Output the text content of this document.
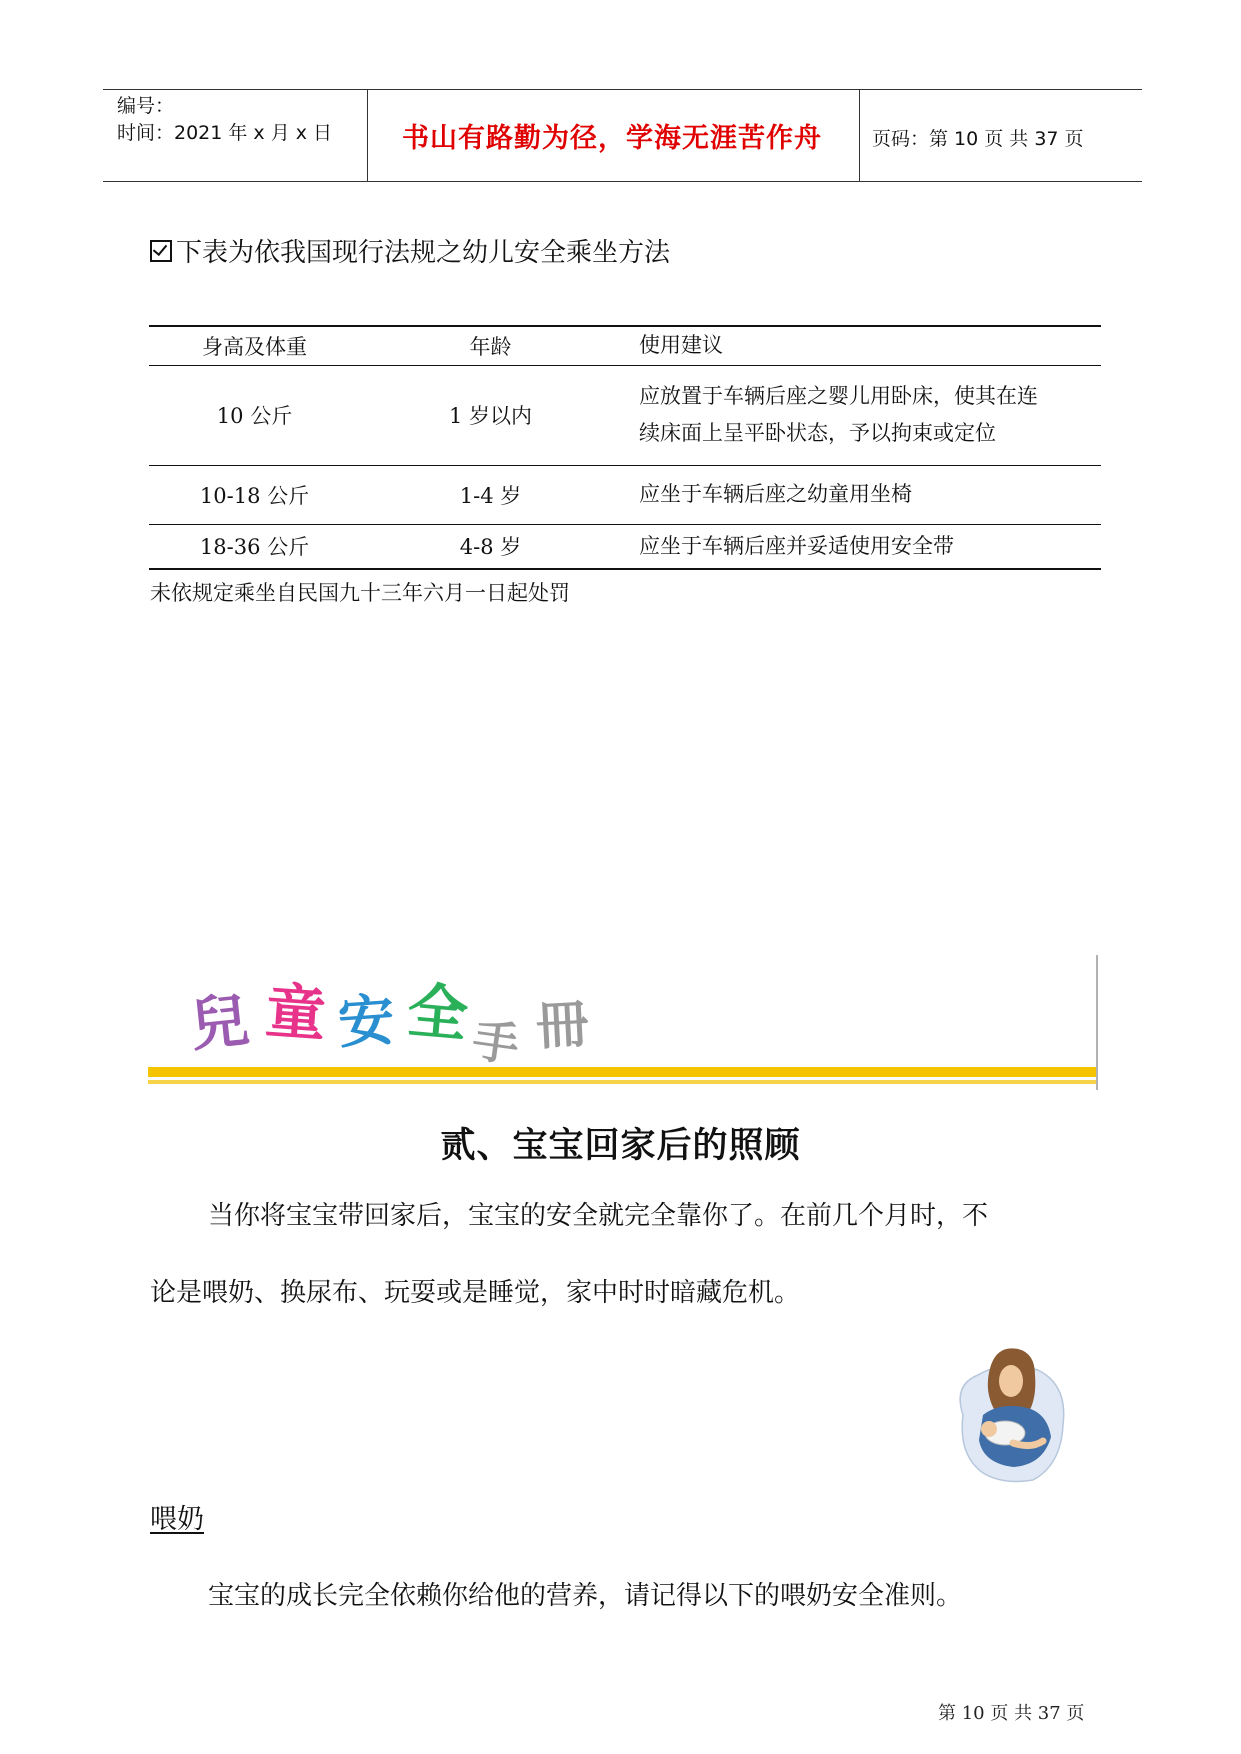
编号：
时间：2021 年 x 月 x 日	书山有路勤为径，学海无涯苦作舟	页码：第 10 页 共 37 页
下表为依我国现行法规之幼儿安全乘坐方法
身高及体重	年龄	使用建议
10 公斤	1 岁以内	应放置于车辆后座之婴儿用卧床，使其在连
续床面上呈平卧状态，予以拘束或定位

10-18 公斤	1-4 岁	应坐于车辆后座之幼童用坐椅
18-36 公斤	4-8 岁	应坐于车辆后座并妥适使用安全带
未依规定乘坐自民国九十三年六月一日起处罚
兒 童 安 全
手 冊
贰、宝宝回家后的照顾
当你将宝宝带回家后，宝宝的安全就完全靠你了。在前几个月时，不
论是喂奶、换尿布、玩耍或是睡觉，家中时时暗藏危机。
喂奶
宝宝的成长完全依赖你给他的营养，请记得以下的喂奶安全准则。
第 10 页 共 37 页
